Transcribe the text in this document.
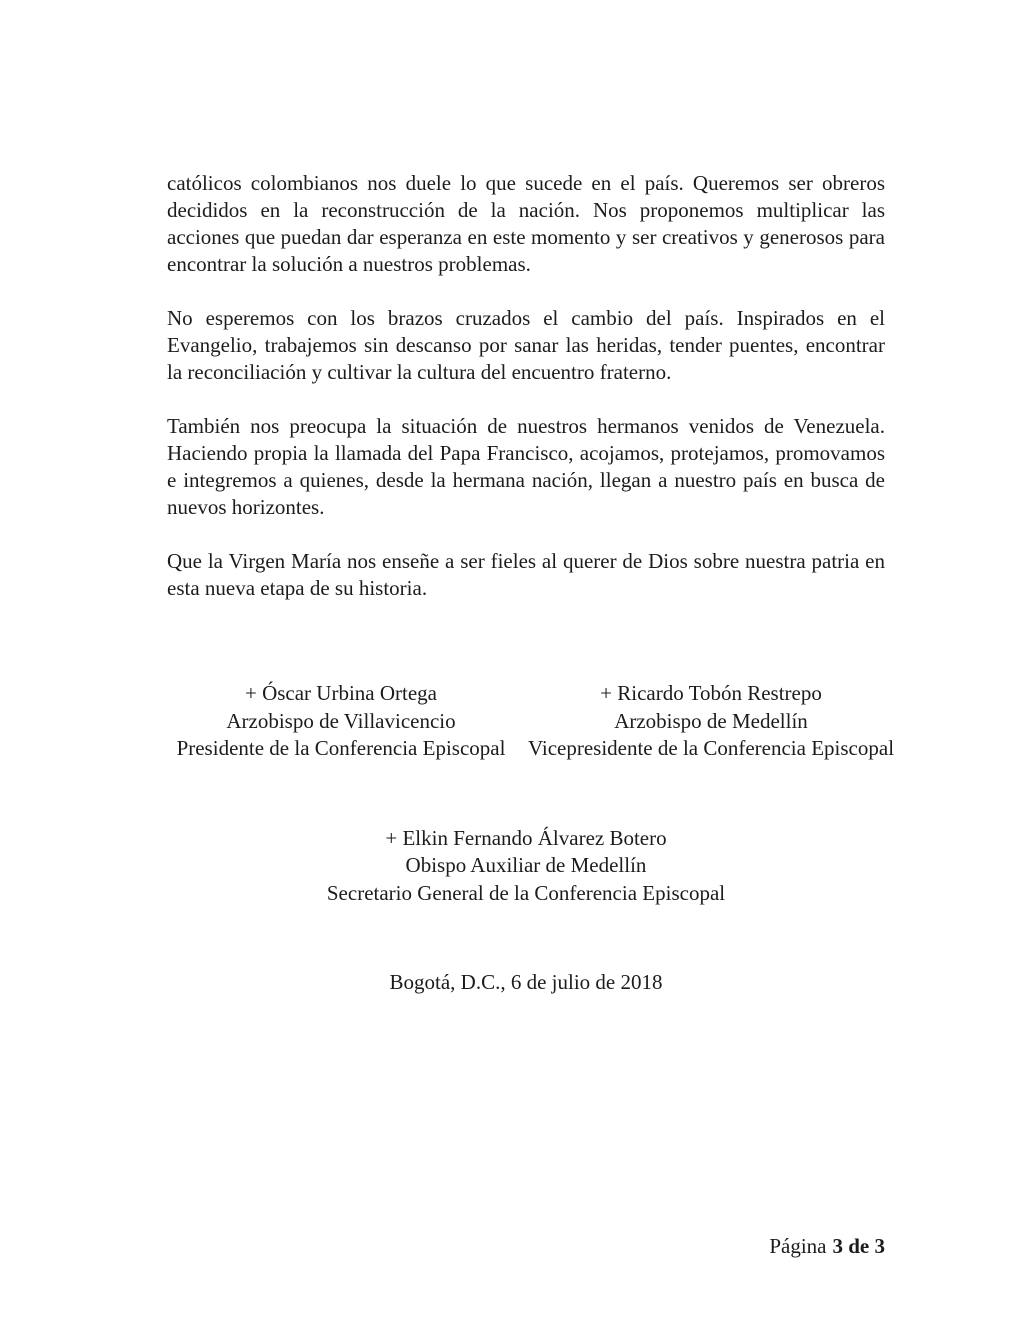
católicos colombianos nos duele lo que sucede en el país. Queremos ser obreros decididos en la reconstrucción de la nación. Nos proponemos multiplicar las acciones que puedan dar esperanza en este momento y ser creativos y generosos para encontrar la solución a nuestros problemas.

No esperemos con los brazos cruzados el cambio del país. Inspirados en el Evangelio, trabajemos sin descanso por sanar las heridas, tender puentes, encontrar la reconciliación y cultivar la cultura del encuentro fraterno.

También nos preocupa la situación de nuestros hermanos venidos de Venezuela. Haciendo propia la llamada del Papa Francisco, acojamos, protejamos, promovamos e integremos a quienes, desde la hermana nación, llegan a nuestro país en busca de nuevos horizontes.

Que la Virgen María nos enseñe a ser fieles al querer de Dios sobre nuestra patria en esta nueva etapa de su historia.

+ Óscar Urbina Ortega
Arzobispo de Villavicencio
Presidente de la Conferencia Episcopal
+ Ricardo Tobón Restrepo
Arzobispo de Medellín
Vicepresidente de la Conferencia Episcopal
+ Elkin Fernando Álvarez Botero
Obispo Auxiliar de Medellín
Secretario General de la Conferencia Episcopal
Bogotá, D.C., 6 de julio de 2018
Página 3 de 3
